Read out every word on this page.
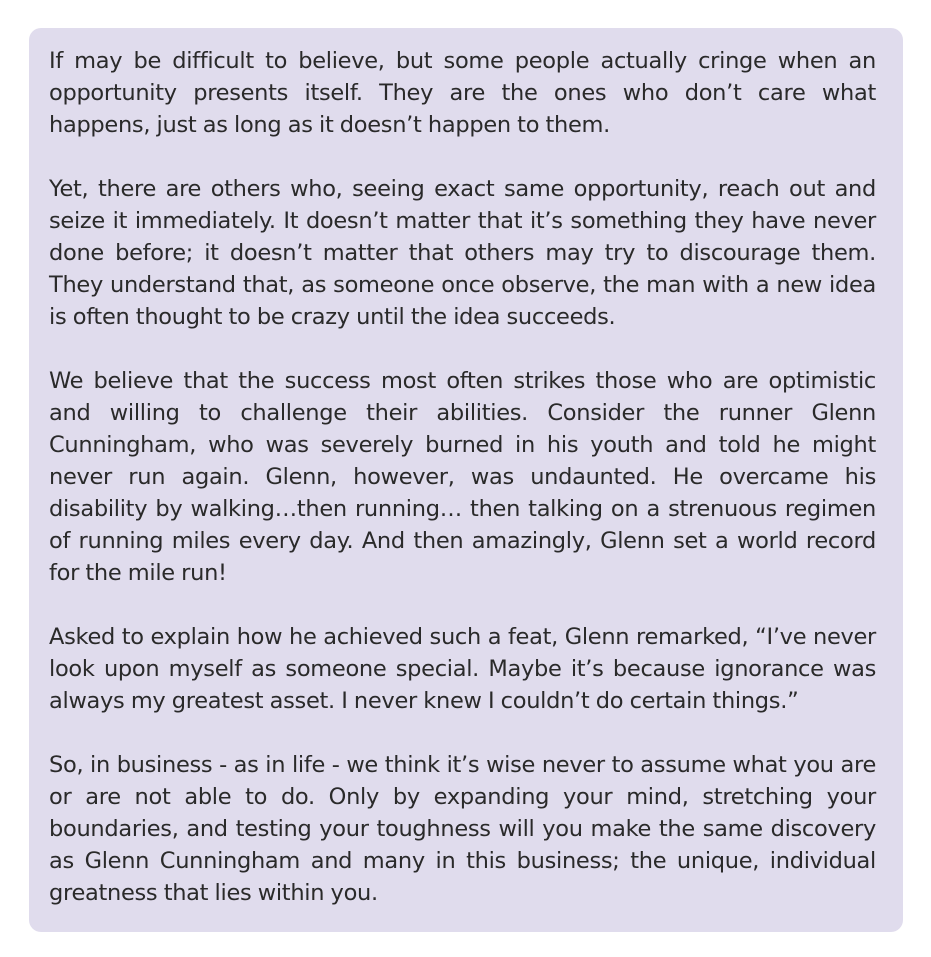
If may be difficult to believe, but some people actually cringe when an opportunity presents itself. They are the ones who don’t care what happens, just as long as it doesn’t happen to them.

Yet, there are others who, seeing exact same opportunity, reach out and seize it immediately. It doesn’t matter that it’s something they have never done before; it doesn’t matter that others may try to discourage them. They understand that, as someone once observe, the man with a new idea is often thought to be crazy until the idea succeeds.

We believe that the success most often strikes those who are optimistic and willing to challenge their abilities. Consider the runner Glenn Cunningham, who was severely burned in his youth and told he might never run again. Glenn, however, was undaunted. He overcame his disability by walking…then running… then talking on a strenuous regimen of running miles every day. And then amazingly, Glenn set a world record for the mile run!

Asked to explain how he achieved such a feat, Glenn remarked, “I’ve never look upon myself as someone special. Maybe it’s because ignorance was always my greatest asset. I never knew I couldn’t do certain things.”

So, in business - as in life - we think it’s wise never to assume what you are or are not able to do. Only by expanding your mind, stretching your boundaries, and testing your toughness will you make the same discovery as Glenn Cunningham and many in this business; the unique, individual greatness that lies within you.
